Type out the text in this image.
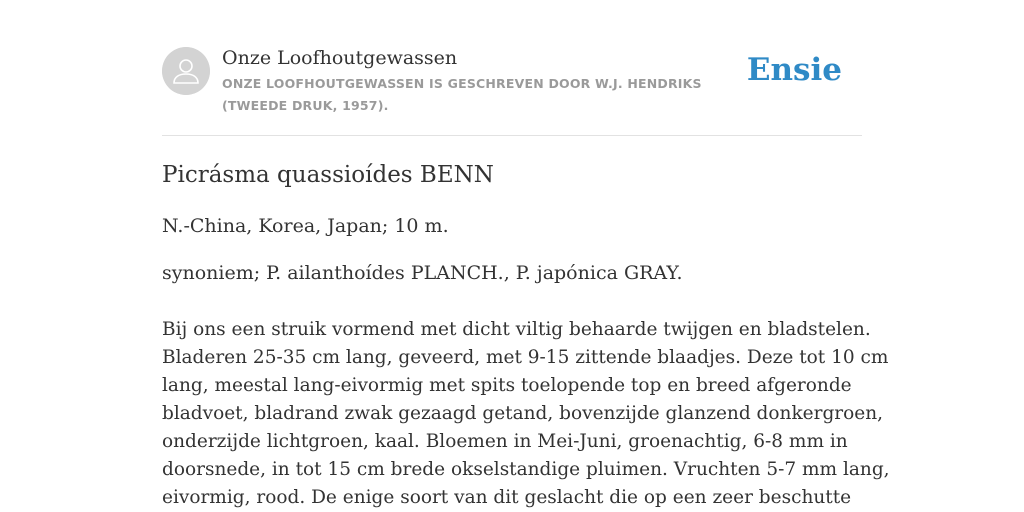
Onze Loofhoutgewassen
ONZE LOOFHOUTGEWASSEN IS GESCHREVEN DOOR W.J. HENDRIKS (TWEEDE DRUK, 1957).
Ensie
Picrásma quassioídes BENN
N.-China, Korea, Japan; 10 m.
synoniem; P. ailanthoídes PLANCH., P. japónica GRAY.
Bij ons een struik vormend met dicht viltig behaarde twijgen en bladstelen.
Bladeren 25-35 cm lang, geveerd, met 9-15 zittende blaadjes. Deze tot 10 cm
lang, meestal lang-eivormig met spits toelopende top en breed afgeronde
bladvoet, bladrand zwak gezaagd getand, bovenzijde glanzend donkergroen,
onderzijde lichtgroen, kaal. Bloemen in Mei-Juni, groenachtig, 6-8 mm in
doorsnede, in tot 15 cm brede okselstandige pluimen. Vruchten 5-7 mm lang,
eivormig, rood. De enige soort van dit geslacht die op een zeer beschutte
